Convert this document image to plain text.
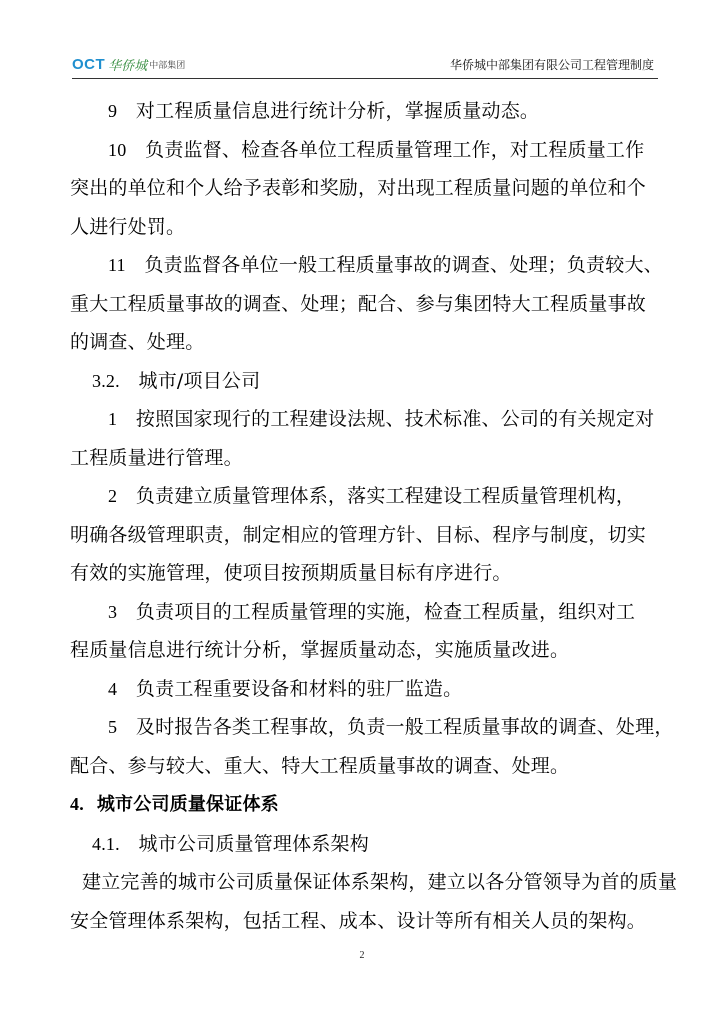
OCT 华侨城 中部集团	华侨城中部集团有限公司工程管理制度

9 对工程质量信息进行统计分析，掌握质量动态。

10 负责监督、检查各单位工程质量管理工作，对工程质量工作

突出的单位和个人给予表彰和奖励，对出现工程质量问题的单位和个

人进行处罚。

11 负责监督各单位一般工程质量事故的调查、处理；负责较大、

重大工程质量事故的调查、处理；配合、参与集团特大工程质量事故

的调查、处理。

3.2. 城市/项目公司

1 按照国家现行的工程建设法规、技术标准、公司的有关规定对

工程质量进行管理。

2 负责建立质量管理体系，落实工程建设工程质量管理机构，

明确各级管理职责，制定相应的管理方针、目标、程序与制度，切实

有效的实施管理，使项目按预期质量目标有序进行。

3 负责项目的工程质量管理的实施，检查工程质量，组织对工

程质量信息进行统计分析，掌握质量动态，实施质量改进。

4 负责工程重要设备和材料的驻厂监造。

5 及时报告各类工程事故，负责一般工程质量事故的调查、处理，

配合、参与较大、重大、特大工程质量事故的调查、处理。

4. 城市公司质量保证体系

4.1. 城市公司质量管理体系架构

建立完善的城市公司质量保证体系架构，建立以各分管领导为首的质量

安全管理体系架构，包括工程、成本、设计等所有相关人员的架构。

2
